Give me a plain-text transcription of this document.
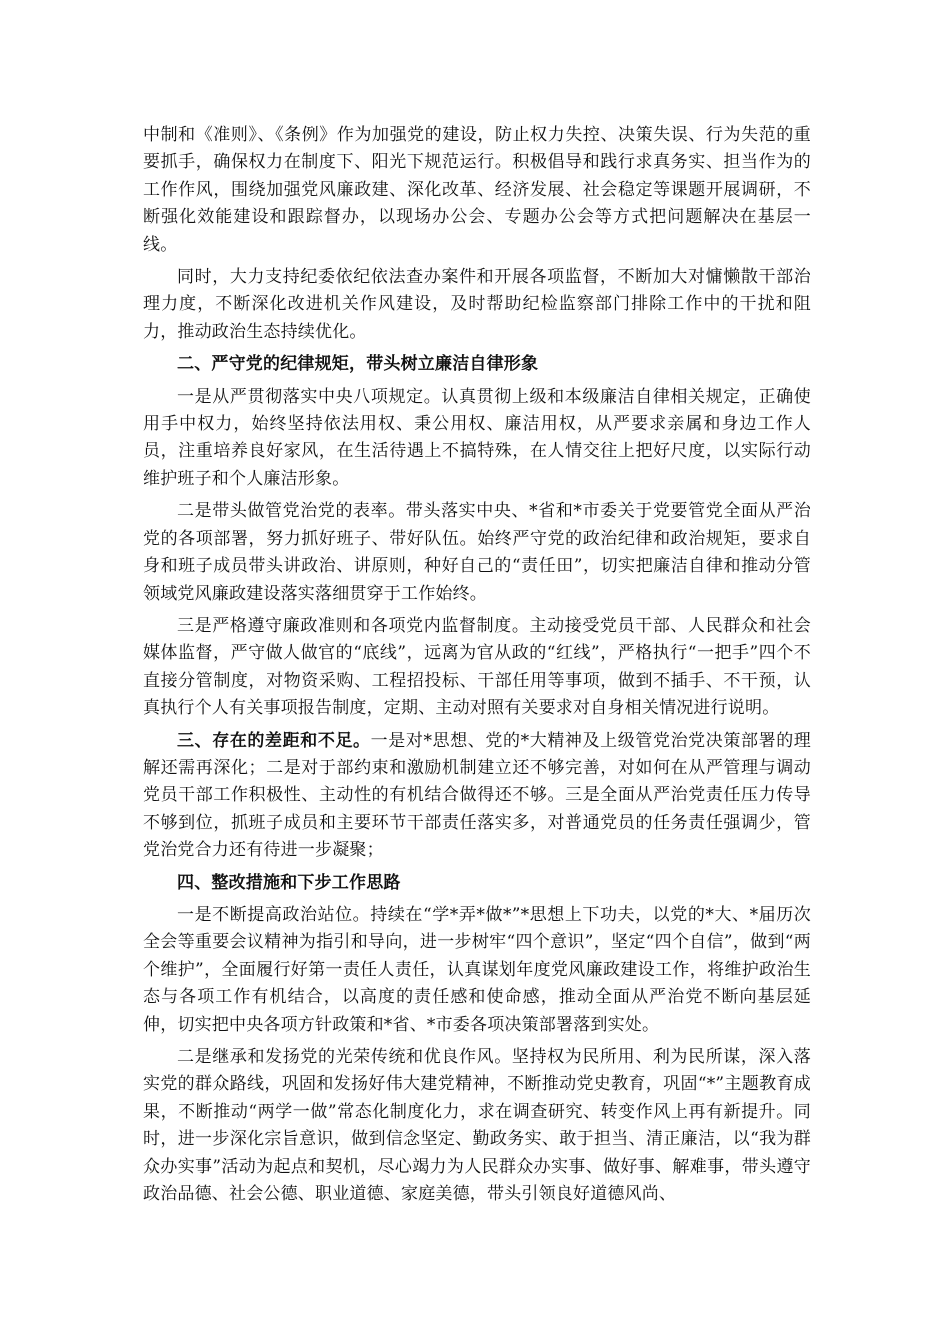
中制和《准则》、《条例》作为加强党的建设，防止权力失控、决策失误、行为失范的重要抓手，确保权力在制度下、阳光下规范运行。积极倡导和践行求真务实、担当作为的工作作风，围绕加强党风廉政建、深化改革、经济发展、社会稳定等课题开展调研，不断强化效能建设和跟踪督办，以现场办公会、专题办公会等方式把问题解决在基层一线。

同时，大力支持纪委依纪依法查办案件和开展各项监督，不断加大对慵懒散干部治理力度，不断深化改进机关作风建设，及时帮助纪检监察部门排除工作中的干扰和阻力，推动政治生态持续优化。

二、严守党的纪律规矩，带头树立廉洁自律形象

一是从严贯彻落实中央八项规定。认真贯彻上级和本级廉洁自律相关规定，正确使用手中权力，始终坚持依法用权、秉公用权、廉洁用权，从严要求亲属和身边工作人员，注重培养良好家风，在生活待遇上不搞特殊，在人情交往上把好尺度，以实际行动维护班子和个人廉洁形象。

二是带头做管党治党的表率。带头落实中央、*省和*市委关于党要管党全面从严治党的各项部署，努力抓好班子、带好队伍。始终严守党的政治纪律和政治规矩，要求自身和班子成员带头讲政治、讲原则，种好自己的“责任田”，切实把廉洁自律和推动分管领域党风廉政建设落实落细贯穿于工作始终。

三是严格遵守廉政准则和各项党内监督制度。主动接受党员干部、人民群众和社会媒体监督，严守做人做官的“底线”，远离为官从政的“红线”，严格执行“一把手”四个不直接分管制度，对物资采购、工程招投标、干部任用等事项，做到不插手、不干预，认真执行个人有关事项报告制度，定期、主动对照有关要求对自身相关情况进行说明。

三、存在的差距和不足。一是对*思想、党的*大精神及上级管党治党决策部署的理解还需再深化；二是对于部约束和激励机制建立还不够完善，对如何在从严管理与调动党员干部工作积极性、主动性的有机结合做得还不够。三是全面从严治党责任压力传导不够到位，抓班子成员和主要环节干部责任落实多，对普通党员的任务责任强调少，管党治党合力还有待进一步凝聚；

四、整改措施和下步工作思路

一是不断提高政治站位。持续在“学*弄*做*”*思想上下功夫，以党的*大、*届历次全会等重要会议精神为指引和导向，进一步树牢“四个意识”，坚定“四个自信”，做到“两个维护”，全面履行好第一责任人责任，认真谋划年度党风廉政建设工作，将维护政治生态与各项工作有机结合，以高度的责任感和使命感，推动全面从严治党不断向基层延伸，切实把中央各项方针政策和*省、*市委各项决策部署落到实处。

二是继承和发扬党的光荣传统和优良作风。坚持权为民所用、利为民所谋，深入落实党的群众路线，巩固和发扬好伟大建党精神，不断推动党史教育，巩固“*”主题教育成果，不断推动“两学一做”常态化制度化力，求在调查研究、转变作风上再有新提升。同时，进一步深化宗旨意识，做到信念坚定、勤政务实、敢于担当、清正廉洁，以“我为群众办实事”活动为起点和契机，尽心竭力为人民群众办实事、做好事、解难事，带头遵守政治品德、社会公德、职业道德、家庭美德，带头引领良好道德风尚、
